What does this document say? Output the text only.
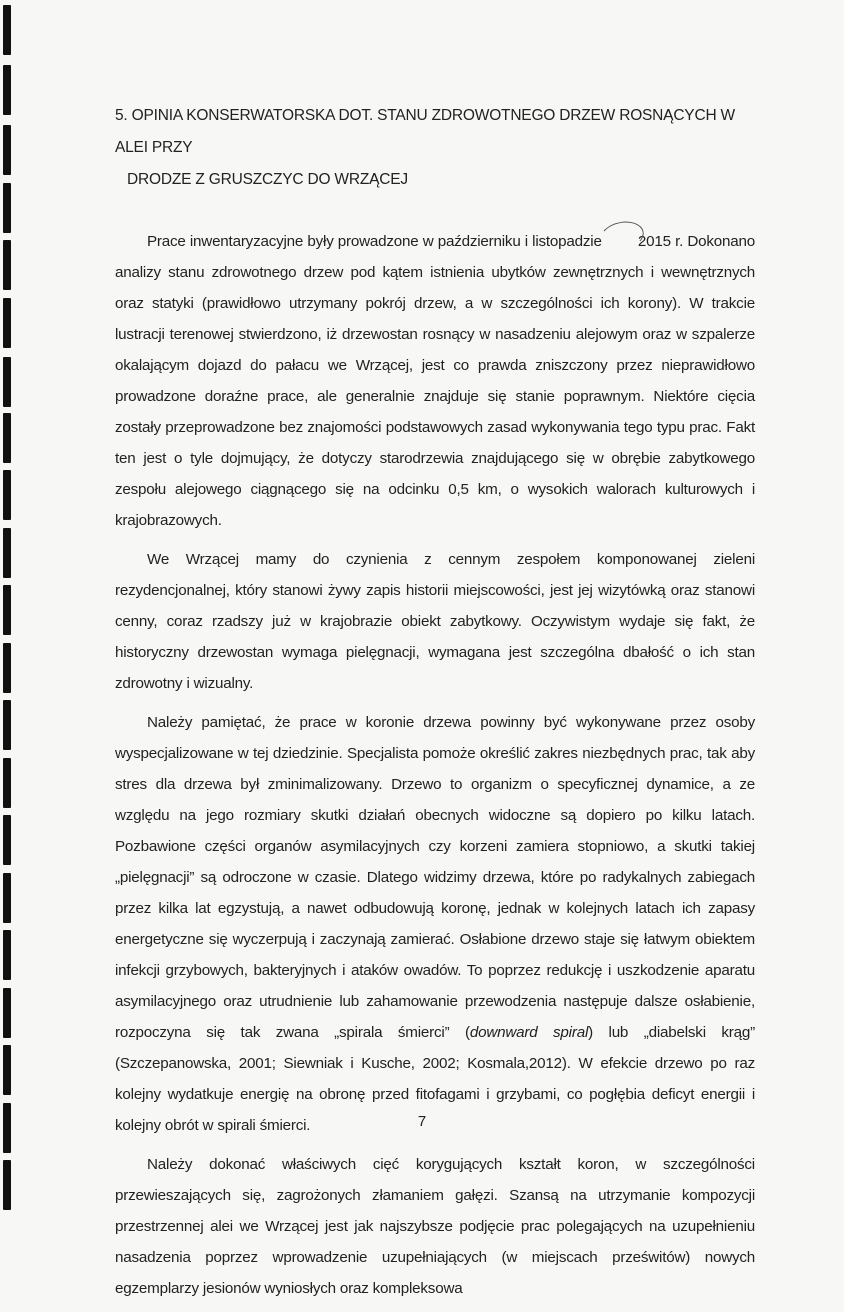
5. OPINIA KONSERWATORSKA DOT. STANU ZDROWOTNEGO DRZEW ROSNĄCYCH W ALEI PRZY
DRODZE Z GRUSZCZYC DO WRZĄCEJ

Prace inwentaryzacyjne były prowadzone w październiku i listopadzie
2015 r. Dokonano analizy stanu zdrowotnego drzew pod kątem istnienia ubytków zewnętrznych i wewnętrznych oraz statyki (prawidłowo utrzymany pokrój drzew, a w szczególności ich korony). W trakcie lustracji terenowej stwierdzono, iż drzewostan rosnący w nasadzeniu alejowym oraz w szpalerze okalającym dojazd do pałacu we Wrzącej, jest co prawda zniszczony przez nieprawidłowo prowadzone doraźne prace, ale generalnie znajduje się stanie poprawnym. Niektóre cięcia zostały przeprowadzone bez znajomości podstawowych zasad wykonywania tego typu prac. Fakt ten jest o tyle dojmujący, że dotyczy starodrzewia znajdującego się w obrębie zabytkowego zespołu alejowego ciągnącego się na odcinku 0,5 km, o wysokich walorach kulturowych i krajobrazowych.

We Wrzącej mamy do czynienia z cennym zespołem komponowanej zieleni rezydencjonalnej, który stanowi żywy zapis historii miejscowości, jest jej wizytówką oraz stanowi cenny, coraz rzadszy już w krajobrazie obiekt zabytkowy. Oczywistym wydaje się fakt, że historyczny drzewostan wymaga pielęgnacji, wymagana jest szczególna dbałość o ich stan zdrowotny i wizualny.

Należy pamiętać, że prace w koronie drzewa powinny być wykonywane przez osoby wyspecjalizowane w tej dziedzinie. Specjalista pomoże określić zakres niezbędnych prac, tak aby stres dla drzewa był zminimalizowany. Drzewo to organizm o specyficznej dynamice, a ze względu na jego rozmiary skutki działań obecnych widoczne są dopiero po kilku latach. Pozbawione części organów asymilacyjnych czy korzeni zamiera stopniowo, a skutki takiej „pielęgnacji” są odroczone w czasie. Dlatego widzimy drzewa, które po radykalnych zabiegach przez kilka lat egzystują, a nawet odbudowują koronę, jednak w kolejnych latach ich zapasy energetyczne się wyczerpują i zaczynają zamierać. Osłabione drzewo staje się łatwym obiektem infekcji grzybowych, bakteryjnych i ataków owadów. To poprzez redukcję i uszkodzenie aparatu asymilacyjnego oraz utrudnienie lub zahamowanie przewodzenia następuje dalsze osłabienie, rozpoczyna się tak zwana „spirala śmierci” (downward spiral) lub „diabelski krąg” (Szczepanowska, 2001; Siewniak i Kusche, 2002; Kosmala,2012). W efekcie drzewo po raz kolejny wydatkuje energię na obronę przed fitofagami i grzybami, co pogłębia deficyt energii i kolejny obrót w spirali śmierci.

Należy dokonać właściwych cięć korygujących kształt koron, w szczególności przewieszających się, zagrożonych złamaniem gałęzi. Szansą na utrzymanie kompozycji przestrzennej alei we Wrzącej jest jak najszybsze podjęcie prac polegających na uzupełnieniu nasadzenia poprzez wprowadzenie uzupełniających (w miejscach prześwitów) nowych egzemplarzy jesionów wyniosłych oraz kompleksowa

7
